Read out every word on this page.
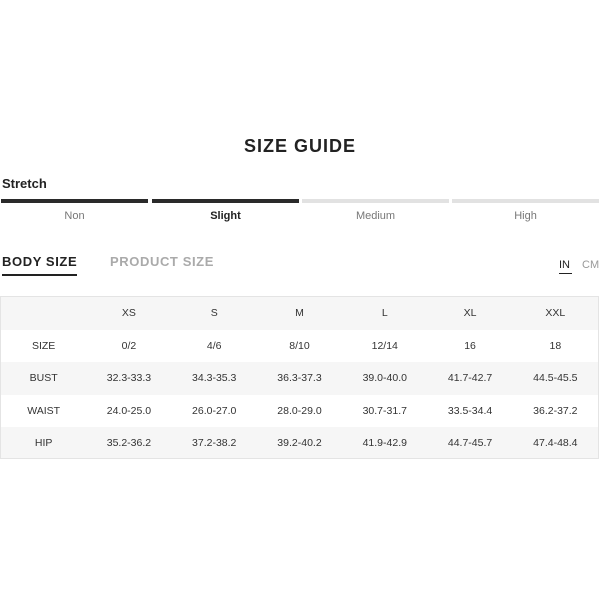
SIZE GUIDE
Stretch
Non	Slight	Medium	High
BODY SIZE	PRODUCT SIZE	IN CM
	XS	S	M	L	XL	XXL
SIZE	0/2	4/6	8/10	12/14	16	18
BUST	32.3-33.3	34.3-35.3	36.3-37.3	39.0-40.0	41.7-42.7	44.5-45.5
WAIST	24.0-25.0	26.0-27.0	28.0-29.0	30.7-31.7	33.5-34.4	36.2-37.2
HIP	35.2-36.2	37.2-38.2	39.2-40.2	41.9-42.9	44.7-45.7	47.4-48.4
